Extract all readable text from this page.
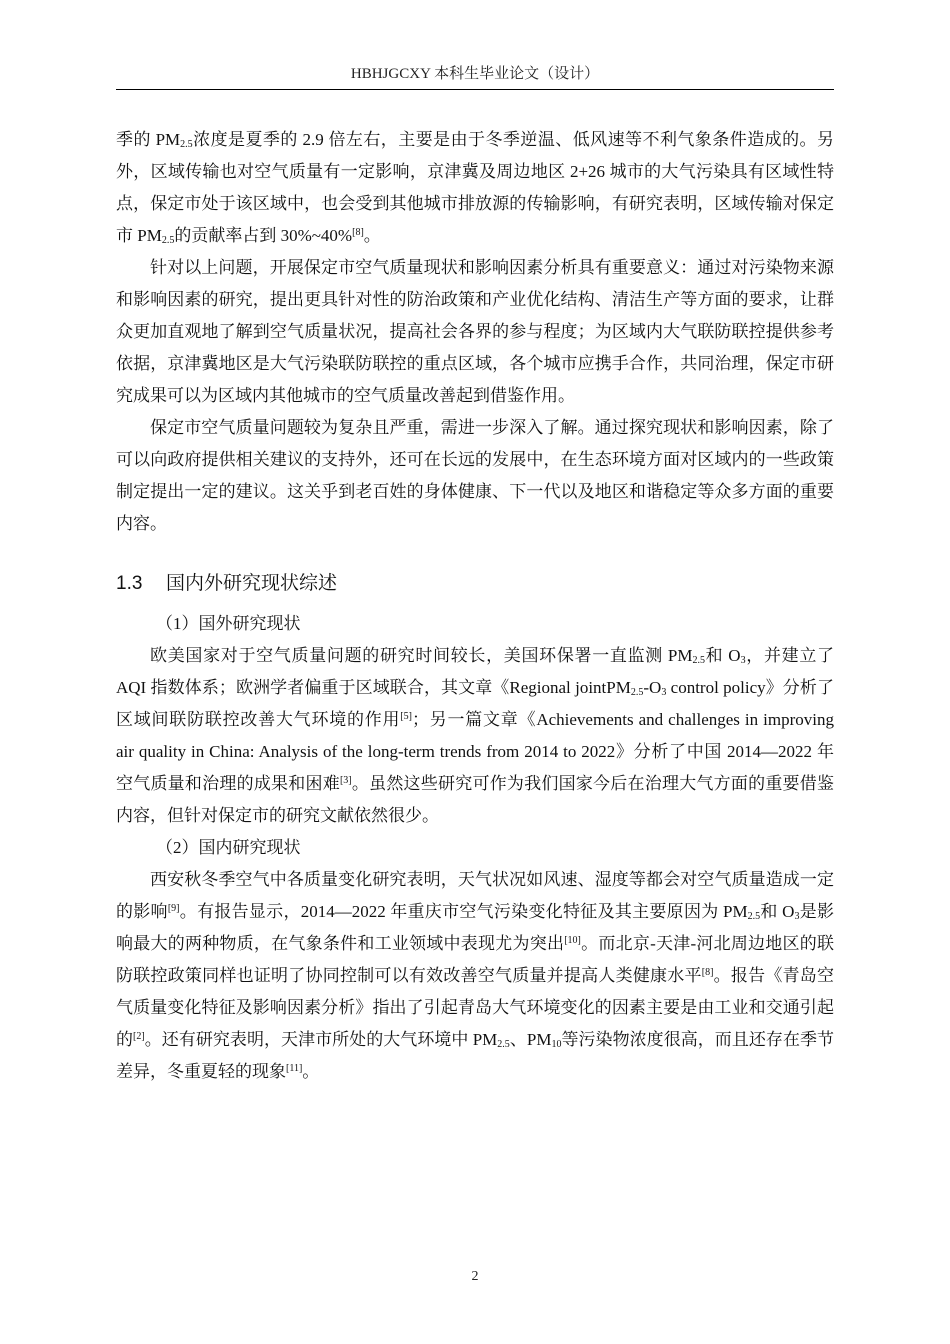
HBHJGCXY 本科生毕业论文（设计）

季的 $PM_{2.5}$浓度是夏季的 2.9 倍左右，主要是由于冬季逆温、低风速等不利气象条件造成的。另外，区域传输也对空气质量有一定影响，京津冀及周边地区 2+26 城市的大气污染具有区域性特点，保定市处于该区域中，也会受到其他城市排放源的传输影响，有研究表明，区域传输对保定市 $PM_{2.5}$的贡献率占到 30%~40%[8]。

针对以上问题，开展保定市空气质量现状和影响因素分析具有重要意义：通过对污染物来源和影响因素的研究，提出更具针对性的防治政策和产业优化结构、清洁生产等方面的要求，让群众更加直观地了解到空气质量状况，提高社会各界的参与程度；为区域内大气联防联控提供参考依据，京津冀地区是大气污染联防联控的重点区域，各个城市应携手合作，共同治理，保定市研究成果可以为区域内其他城市的空气质量改善起到借鉴作用。

保定市空气质量问题较为复杂且严重，需进一步深入了解。通过探究现状和影响因素，除了可以向政府提供相关建议的支持外，还可在长远的发展中，在生态环境方面对区域内的一些政策制定提出一定的建议。这关乎到老百姓的身体健康、下一代以及地区和谐稳定等众多方面的重要内容。

1.3 国内外研究现状综述

（1）国外研究现状

欧美国家对于空气质量问题的研究时间较长，美国环保署一直监测 $PM_{2.5}$和 $O_3$，并建立了 AQI 指数体系；欧洲学者偏重于区域联合，其文章《Regional $jointPM_{2.5}-O_3$ control policy》分析了区域间联防联控改善大气环境的作用[5]；另一篇文章《Achievements and challenges in improving air quality in China: Analysis of the long-term trends from 2014 to 2022》分析了中国 2014—2022 年空气质量和治理的成果和困难[3]。虽然这些研究可作为我们国家今后在治理大气方面的重要借鉴内容，但针对保定市的研究文献依然很少。

（2）国内研究现状

西安秋冬季空气中各质量变化研究表明，天气状况如风速、湿度等都会对空气质量造成一定的影响[9]。有报告显示，2014—2022 年重庆市空气污染变化特征及其主要原因为 $PM_{2.5}$和 $O_3$是影响最大的两种物质，在气象条件和工业领域中表现尤为突出[10]。而北京-天津-河北周边地区的联防联控政策同样也证明了协同控制可以有效改善空气质量并提高人类健康水平[8]。报告《青岛空气质量变化特征及影响因素分析》指出了引起青岛大气环境变化的因素主要是由工业和交通引起的[2]。还有研究表明，天津市所处的大气环境中 $PM_{2.5}$、$PM_{10}$等污染物浓度很高，而且还存在季节差异，冬重夏轻的现象[11]。

2
